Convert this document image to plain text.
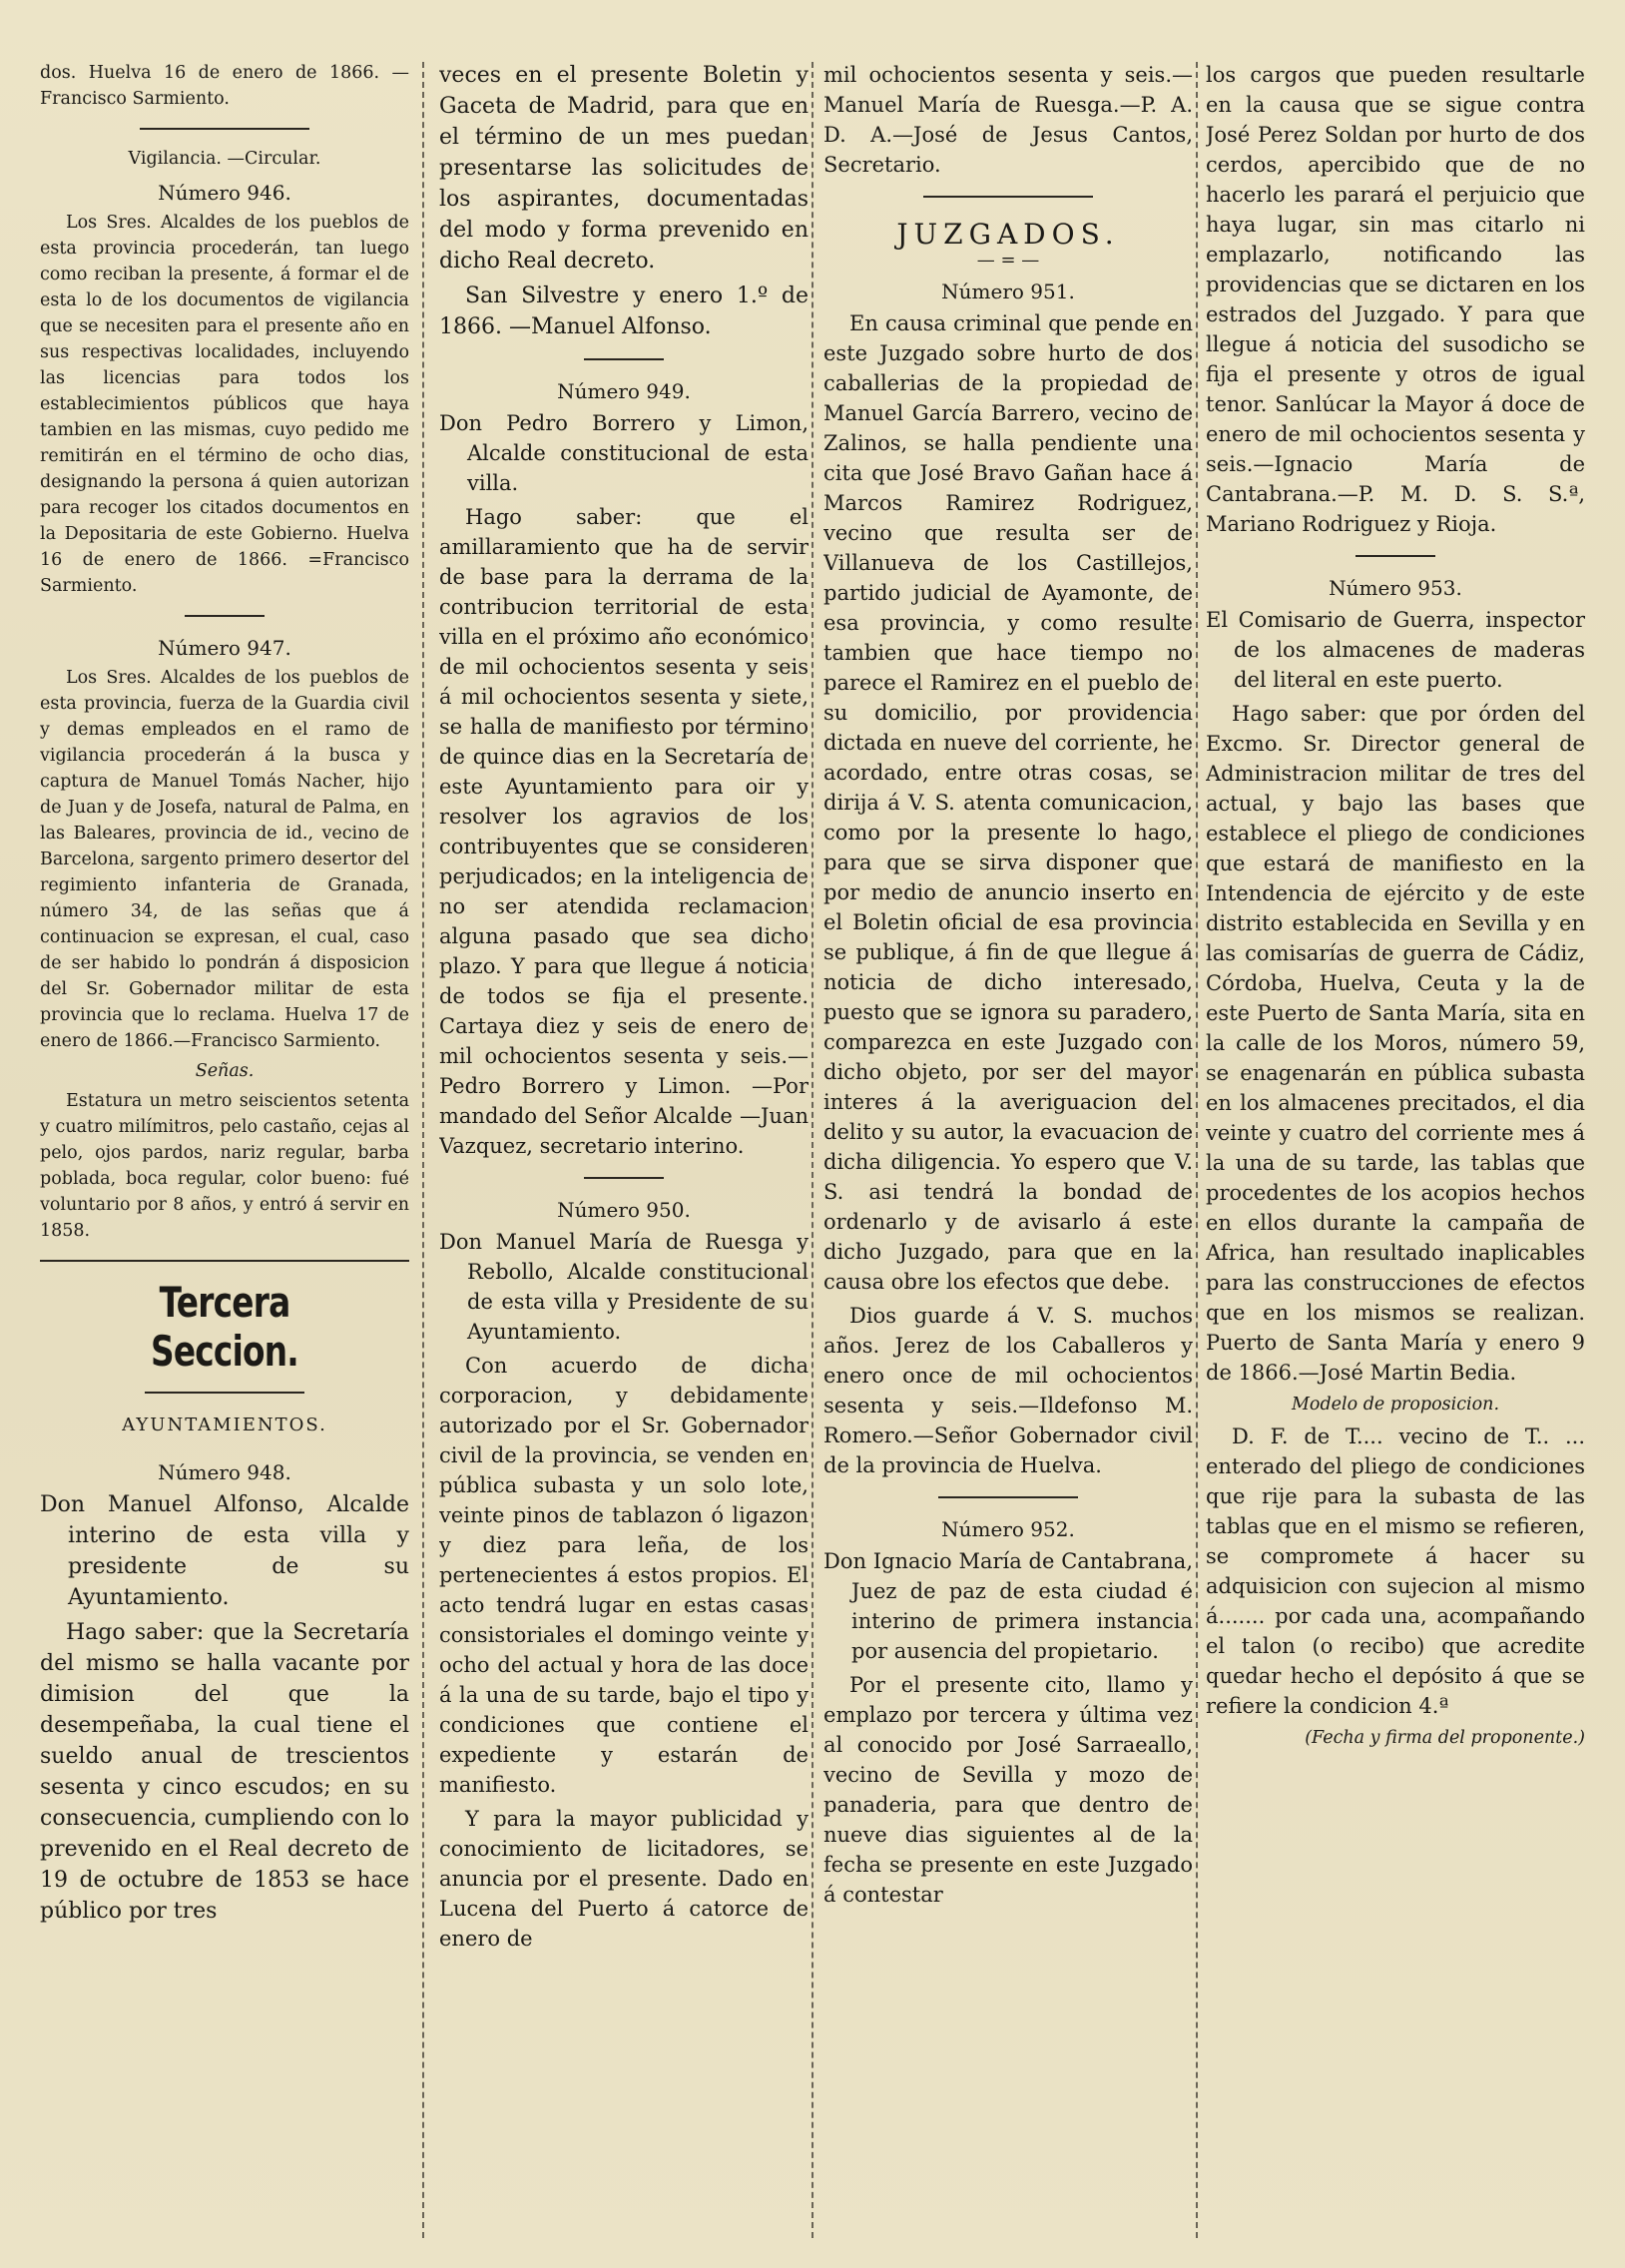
dos. Huelva 16 de enero de 1866. — Francisco Sarmiento.

Vigilancia. —Circular.

Número 946.

Los Sres. Alcaldes de los pueblos de esta provincia procederán, tan luego como reciban la presente, á formar el de esta lo de los documentos de vigilancia que se necesiten para el presente año en sus respectivas localidades, incluyendo las licencias para todos los establecimientos públicos que haya tambien en las mismas, cuyo pedido me remitirán en el término de ocho dias, designando la persona á quien autorizan para recoger los citados documentos en la Depositaria de este Gobierno. Huelva 16 de enero de 1866. =Francisco Sarmiento.

Número 947.

Los Sres. Alcaldes de los pueblos de esta provincia, fuerza de la Guardia civil y demas empleados en el ramo de vigilancia procederán á la busca y captura de Manuel Tomás Nacher, hijo de Juan y de Josefa, natural de Palma, en las Baleares, provincia de id., vecino de Barcelona, sargento primero desertor del regimiento infanteria de Granada, número 34, de las señas que á continuacion se expresan, el cual, caso de ser habido lo pondrán á disposicion del Sr. Gobernador militar de esta provincia que lo reclama. Huelva 17 de enero de 1866.—Francisco Sarmiento.

Señas.

Estatura un metro seiscientos setenta y cuatro milímitros, pelo castaño, cejas al pelo, ojos pardos, nariz regular, barba poblada, boca regular, color bueno: fué voluntario por 8 años, y entró á servir en 1858.

Tercera Seccion.

AYUNTAMIENTOS.

Número 948.

Don Manuel Alfonso, Alcalde interino de esta villa y presidente de su Ayuntamiento.

Hago saber: que la Secretaría del mismo se halla vacante por dimision del que la desempeñaba, la cual tiene el sueldo anual de trescientos sesenta y cinco escudos; en su consecuencia, cumpliendo con lo prevenido en el Real decreto de 19 de octubre de 1853 se hace público por tres

veces en el presente Boletin y Gaceta de Madrid, para que en el término de un mes puedan presentarse las solicitudes de los aspirantes, documentadas del modo y forma prevenido en dicho Real decreto.

San Silvestre y enero 1.º de 1866. —Manuel Alfonso.

Número 949.

Don Pedro Borrero y Limon, Alcalde constitucional de esta villa.

Hago saber: que el amillaramiento que ha de servir de base para la derrama de la contribucion territorial de esta villa en el próximo año económico de mil ochocientos sesenta y seis á mil ochocientos sesenta y siete, se halla de manifiesto por término de quince dias en la Secretaría de este Ayuntamiento para oir y resolver los agravios de los contribuyentes que se consideren perjudicados; en la inteligencia de no ser atendida reclamacion alguna pasado que sea dicho plazo. Y para que llegue á noticia de todos se fija el presente. Cartaya diez y seis de enero de mil ochocientos sesenta y seis.—Pedro Borrero y Limon. —Por mandado del Señor Alcalde —Juan Vazquez, secretario interino.

Número 950.

Don Manuel María de Ruesga y Rebollo, Alcalde constitucional de esta villa y Presidente de su Ayuntamiento.

Con acuerdo de dicha corporacion, y debidamente autorizado por el Sr. Gobernador civil de la provincia, se venden en pública subasta y un solo lote, veinte pinos de tablazon ó ligazon y diez para leña, de los pertenecientes á estos propios. El acto tendrá lugar en estas casas consistoriales el domingo veinte y ocho del actual y hora de las doce á la una de su tarde, bajo el tipo y condiciones que contiene el expediente y estarán de manifiesto.

Y para la mayor publicidad y conocimiento de licitadores, se anuncia por el presente. Dado en Lucena del Puerto á catorce de enero de

mil ochocientos sesenta y seis.—Manuel María de Ruesga.—P. A. D. A.—José de Jesus Cantos, Secretario.

JUZGADOS.

— = —

Número 951.

En causa criminal que pende en este Juzgado sobre hurto de dos caballerias de la propiedad de Manuel García Barrero, vecino de Zalinos, se halla pendiente una cita que José Bravo Gañan hace á Marcos Ramirez Rodriguez, vecino que resulta ser de Villanueva de los Castillejos, partido judicial de Ayamonte, de esa provincia, y como resulte tambien que hace tiempo no parece el Ramirez en el pueblo de su domicilio, por providencia dictada en nueve del corriente, he acordado, entre otras cosas, se dirija á V. S. atenta comunicacion, como por la presente lo hago, para que se sirva disponer que por medio de anuncio inserto en el Boletin oficial de esa provincia se publique, á fin de que llegue á noticia de dicho interesado, puesto que se ignora su paradero, comparezca en este Juzgado con dicho objeto, por ser del mayor interes á la averiguacion del delito y su autor, la evacuacion de dicha diligencia. Yo espero que V. S. asi tendrá la bondad de ordenarlo y de avisarlo á este dicho Juzgado, para que en la causa obre los efectos que debe.

Dios guarde á V. S. muchos años. Jerez de los Caballeros y enero once de mil ochocientos sesenta y seis.—Ildefonso M. Romero.—Señor Gobernador civil de la provincia de Huelva.

Número 952.

Don Ignacio María de Cantabrana, Juez de paz de esta ciudad é interino de primera instancia por ausencia del propietario.

Por el presente cito, llamo y emplazo por tercera y última vez al conocido por José Sarraeallo, vecino de Sevilla y mozo de panaderia, para que dentro de nueve dias siguientes al de la fecha se presente en este Juzgado á contestar

los cargos que pueden resultarle en la causa que se sigue contra José Perez Soldan por hurto de dos cerdos, apercibido que de no hacerlo les parará el perjuicio que haya lugar, sin mas citarlo ni emplazarlo, notificando las providencias que se dictaren en los estrados del Juzgado. Y para que llegue á noticia del susodicho se fija el presente y otros de igual tenor. Sanlúcar la Mayor á doce de enero de mil ochocientos sesenta y seis.—Ignacio María de Cantabrana.—P. M. D. S. S.ª, Mariano Rodriguez y Rioja.

Número 953.

El Comisario de Guerra, inspector de los almacenes de maderas del literal en este puerto.

Hago saber: que por órden del Excmo. Sr. Director general de Administracion militar de tres del actual, y bajo las bases que establece el pliego de condiciones que estará de manifiesto en la Intendencia de ejército y de este distrito establecida en Sevilla y en las comisarías de guerra de Cádiz, Córdoba, Huelva, Ceuta y la de este Puerto de Santa María, sita en la calle de los Moros, número 59, se enagenarán en pública subasta en los almacenes precitados, el dia veinte y cuatro del corriente mes á la una de su tarde, las tablas que procedentes de los acopios hechos en ellos durante la campaña de Africa, han resultado inaplicables para las construcciones de efectos que en los mismos se realizan. Puerto de Santa María y enero 9 de 1866.—José Martin Bedia.

Modelo de proposicion.

D. F. de T.... vecino de T.. ... enterado del pliego de condiciones que rije para la subasta de las tablas que en el mismo se refieren, se compromete á hacer su adquisicion con sujecion al mismo á....... por cada una, acompañando el talon (o recibo) que acredite quedar hecho el depósito á que se refiere la condicion 4.ª

(Fecha y firma del proponente.)
